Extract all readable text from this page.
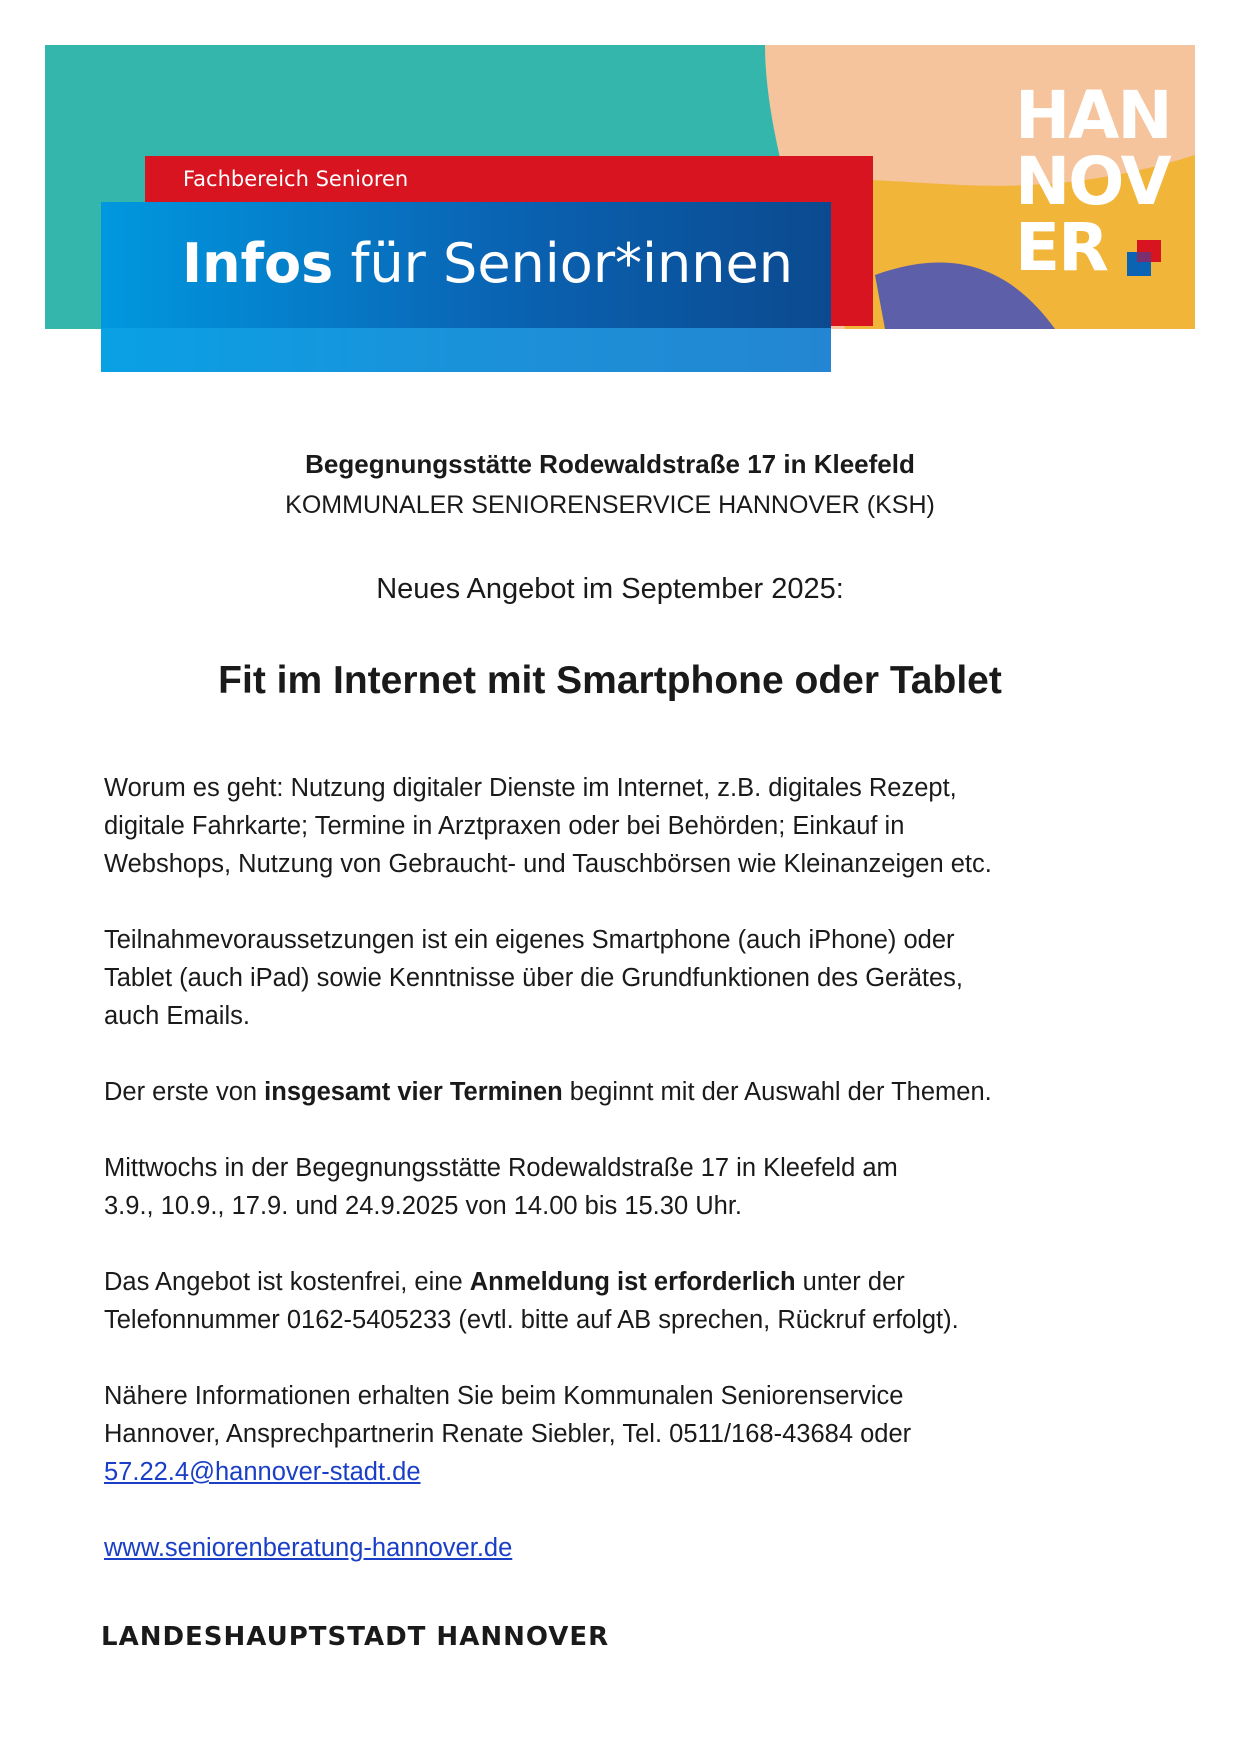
HAN
NOV
ER
Fachbereich Senioren
Infos für Senior*innen
Begegnungsstätte Rodewaldstraße 17 in Kleefeld
KOMMUNALER SENIORENSERVICE HANNOVER (KSH)
Neues Angebot im September 2025:
Fit im Internet mit Smartphone oder Tablet
Worum es geht: Nutzung digitaler Dienste im Internet, z.B. digitales Rezept,
digitale Fahrkarte; Termine in Arztpraxen oder bei Behörden; Einkauf in
Webshops, Nutzung von Gebraucht- und Tauschbörsen wie Kleinanzeigen etc.
Teilnahmevoraussetzungen ist ein eigenes Smartphone (auch iPhone) oder
Tablet (auch iPad) sowie Kenntnisse über die Grundfunktionen des Gerätes,
auch Emails.
Der erste von insgesamt vier Terminen beginnt mit der Auswahl der Themen.
Mittwochs in der Begegnungsstätte Rodewaldstraße 17 in Kleefeld am
3.9., 10.9., 17.9. und 24.9.2025 von 14.00 bis 15.30 Uhr.
Das Angebot ist kostenfrei, eine Anmeldung ist erforderlich unter der
Telefonnummer 0162-5405233 (evtl. bitte auf AB sprechen, Rückruf erfolgt).
Nähere Informationen erhalten Sie beim Kommunalen Seniorenservice
Hannover, Ansprechpartnerin Renate Siebler, Tel. 0511/168-43684 oder
57.22.4@hannover-stadt.de
www.seniorenberatung-hannover.de
LANDESHAUPTSTADT HANNOVER
